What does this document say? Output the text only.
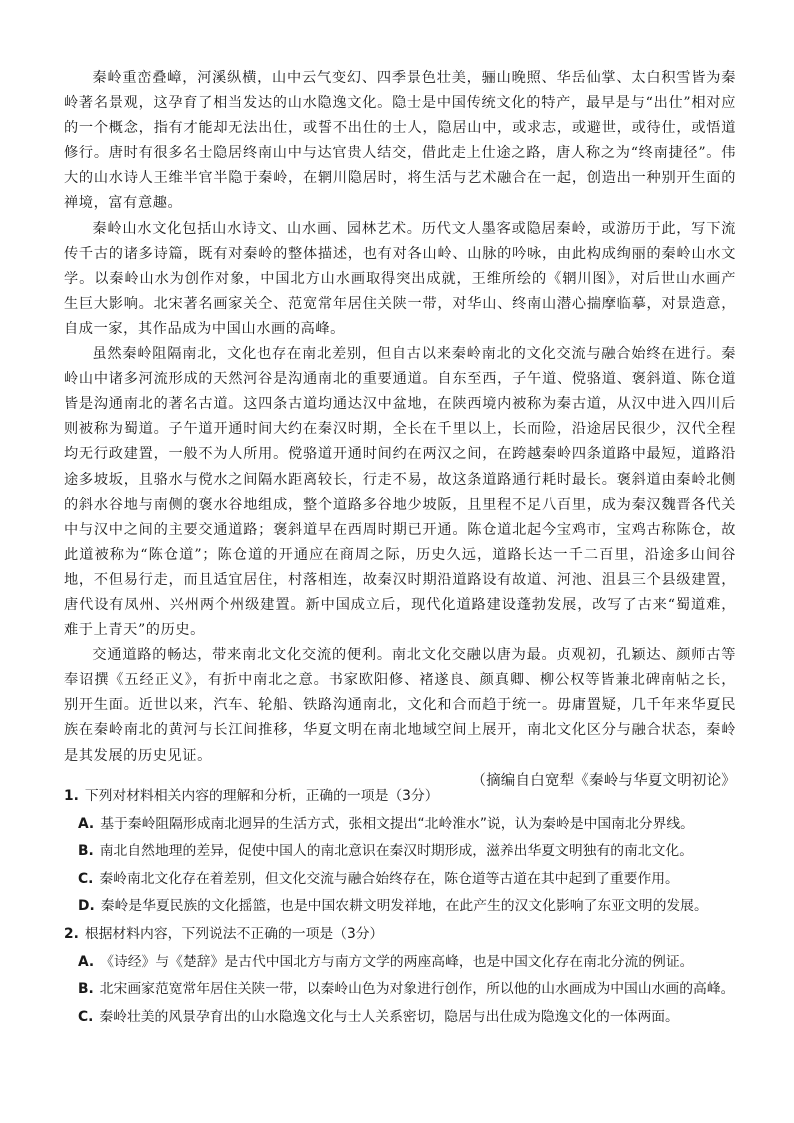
秦岭重峦叠嶂，河溪纵横，山中云气变幻、四季景色壮美，骊山晚照、华岳仙掌、太白积雪皆为秦岭著名景观，这孕育了相当发达的山水隐逸文化。隐士是中国传统文化的特产，最早是与“出仕”相对应的一个概念，指有才能却无法出仕，或誓不出仕的士人，隐居山中，或求志，或避世，或待仕，或悟道修行。唐时有很多名士隐居终南山中与达官贵人结交，借此走上仕途之路，唐人称之为“终南捷径”。伟大的山水诗人王维半官半隐于秦岭，在辋川隐居时，将生活与艺术融合在一起，创造出一种别开生面的禅境，富有意趣。

秦岭山水文化包括山水诗文、山水画、园林艺术。历代文人墨客或隐居秦岭，或游历于此，写下流传千古的诸多诗篇，既有对秦岭的整体描述，也有对各山岭、山脉的吟咏，由此构成绚丽的秦岭山水文学。以秦岭山水为创作对象，中国北方山水画取得突出成就，王维所绘的《辋川图》，对后世山水画产生巨大影响。北宋著名画家关仝、范宽常年居住关陕一带，对华山、终南山潜心揣摩临摹，对景造意，自成一家，其作品成为中国山水画的高峰。

虽然秦岭阻隔南北，文化也存在南北差别，但自古以来秦岭南北的文化交流与融合始终在进行。秦岭山中诸多河流形成的天然河谷是沟通南北的重要通道。自东至西，子午道、傥骆道、褒斜道、陈仓道皆是沟通南北的著名古道。这四条古道均通达汉中盆地，在陕西境内被称为秦古道，从汉中进入四川后则被称为蜀道。子午道开通时间大约在秦汉时期，全长在千里以上，长而险，沿途居民很少，汉代全程均无行政建置，一般不为人所用。傥骆道开通时间约在两汉之间，在跨越秦岭四条道路中最短，道路沿途多坡坂，且骆水与傥水之间隔水距离较长，行走不易，故这条道路通行耗时最长。褒斜道由秦岭北侧的斜水谷地与南侧的褒水谷地组成，整个道路多谷地少坡阪，且里程不足八百里，成为秦汉魏晋各代关中与汉中之间的主要交通道路；褒斜道早在西周时期已开通。陈仓道北起今宝鸡市，宝鸡古称陈仓，故此道被称为“陈仓道”；陈仓道的开通应在商周之际，历史久远，道路长达一千二百里，沿途多山间谷地，不但易行走，而且适宜居住，村落相连，故秦汉时期沿道路设有故道、河池、沮县三个县级建置，唐代设有凤州、兴州两个州级建置。新中国成立后，现代化道路建设蓬勃发展，改写了古来“蜀道难，难于上青天”的历史。

交通道路的畅达，带来南北文化交流的便利。南北文化交融以唐为最。贞观初，孔颖达、颜师古等奉诏撰《五经正义》，有折中南北之意。书家欧阳修、褚遂良、颜真卿、柳公权等皆兼北碑南帖之长，别开生面。近世以来，汽车、轮船、铁路沟通南北，文化和合而趋于统一。毋庸置疑，几千年来华夏民族在秦岭南北的黄河与长江间推移，华夏文明在南北地域空间上展开，南北文化区分与融合状态，秦岭是其发展的历史见证。

（摘编自白宽犁《秦岭与华夏文明初论》

1. 下列对材料相关内容的理解和分析，正确的一项是（3分）

A. 基于秦岭阻隔形成南北迥异的生活方式，张相文提出“北岭淮水”说，认为秦岭是中国南北分界线。

B. 南北自然地理的差异，促使中国人的南北意识在秦汉时期形成，滋养出华夏文明独有的南北文化。

C. 秦岭南北文化存在着差别，但文化交流与融合始终存在，陈仓道等古道在其中起到了重要作用。

D. 秦岭是华夏民族的文化摇篮，也是中国农耕文明发祥地，在此产生的汉文化影响了东亚文明的发展。

2. 根据材料内容，下列说法不正确的一项是（3分）

A. 《诗经》与《楚辞》是古代中国北方与南方文学的两座高峰，也是中国文化存在南北分流的例证。

B. 北宋画家范宽常年居住关陕一带，以秦岭山色为对象进行创作，所以他的山水画成为中国山水画的高峰。

C. 秦岭壮美的风景孕育出的山水隐逸文化与士人关系密切，隐居与出仕成为隐逸文化的一体两面。
